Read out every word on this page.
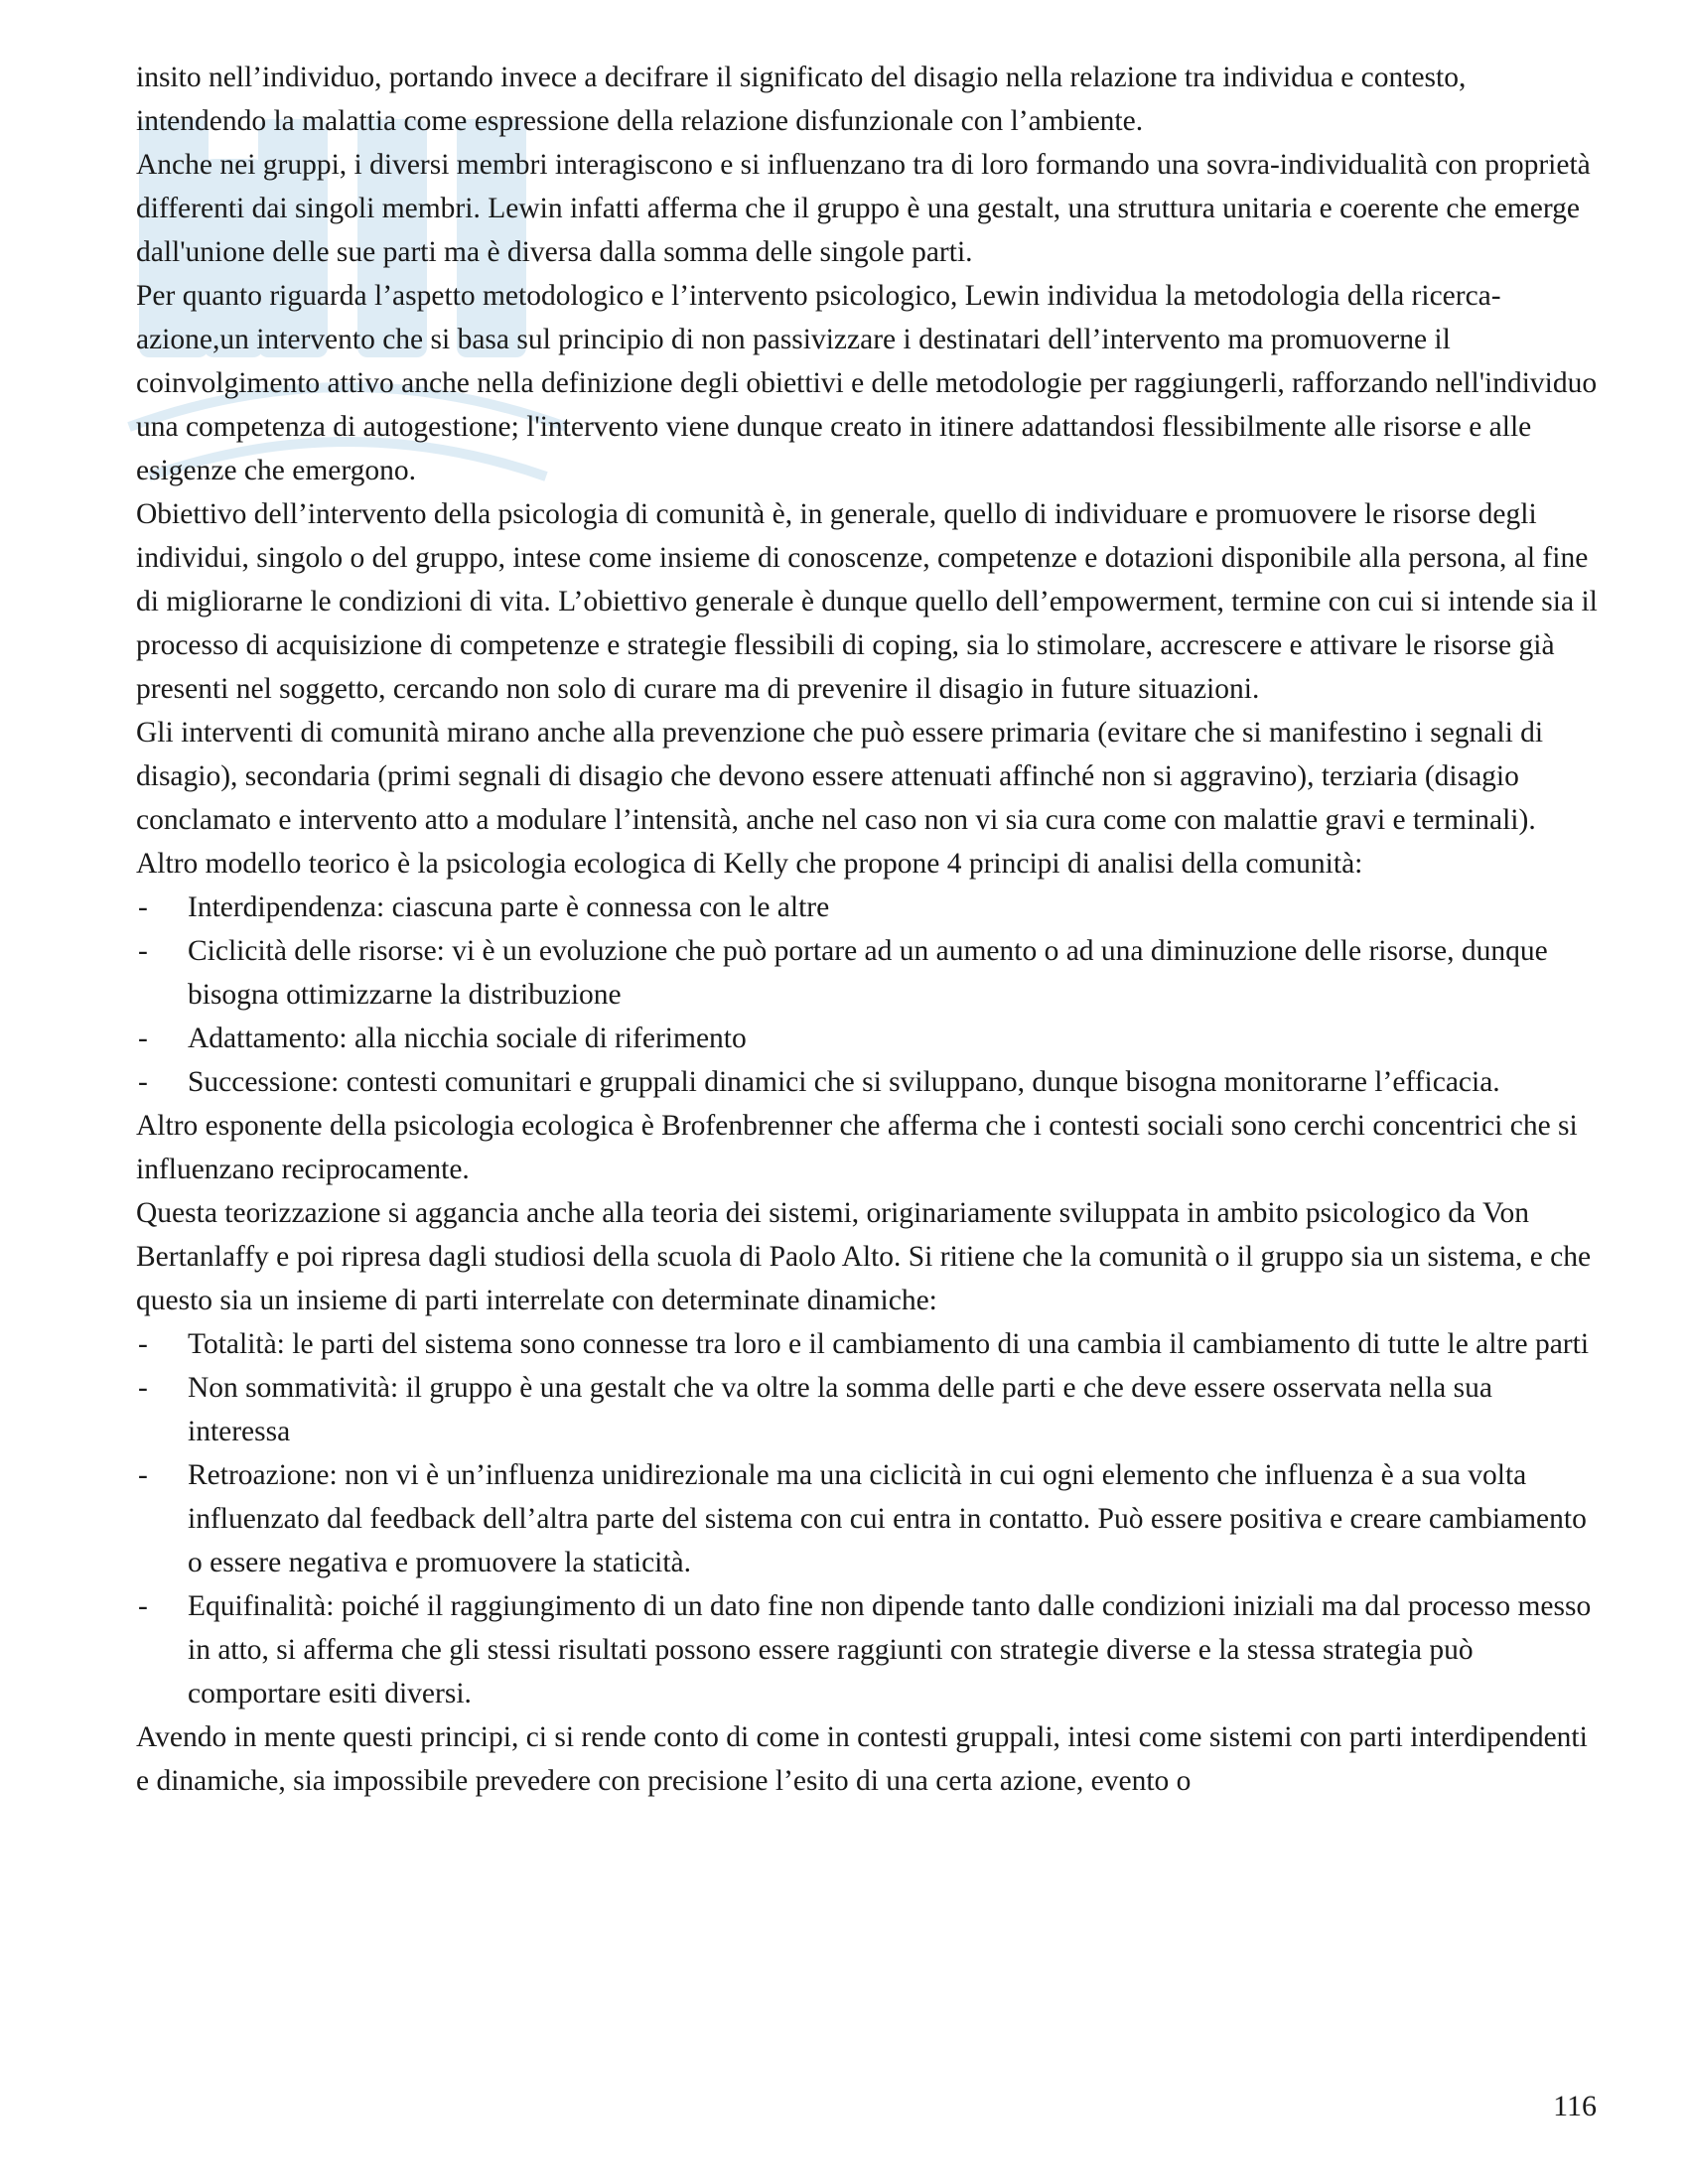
insito nell’individuo, portando invece a decifrare il significato del disagio nella relazione tra individua e contesto, intendendo la malattia come espressione della relazione disfunzionale con l’ambiente.

Anche nei gruppi, i diversi membri interagiscono e si influenzano tra di loro formando una sovra-individualità con proprietà differenti dai singoli membri. Lewin infatti afferma che il gruppo è una gestalt, una struttura unitaria e coerente che emerge dall'unione delle sue parti ma è diversa dalla somma delle singole parti.

Per quanto riguarda l’aspetto metodologico e l’intervento psicologico, Lewin individua la metodologia della ricerca-azione,un intervento che si basa sul principio di non passivizzare i destinatari dell’intervento ma promuoverne il coinvolgimento attivo anche nella definizione degli obiettivi e delle metodologie per raggiungerli, rafforzando nell'individuo una competenza di autogestione; l'intervento viene dunque creato in itinere adattandosi flessibilmente alle risorse e alle esigenze che emergono.

Obiettivo dell’intervento della psicologia di comunità è, in generale, quello di individuare e promuovere le risorse degli individui, singolo o del gruppo, intese come insieme di conoscenze, competenze e dotazioni disponibile alla persona, al fine di migliorarne le condizioni di vita. L’obiettivo generale è dunque quello dell’empowerment, termine con cui si intende sia il processo di acquisizione di competenze e strategie flessibili di coping, sia lo stimolare, accrescere e attivare le risorse già presenti nel soggetto, cercando non solo di curare ma di prevenire il disagio in future situazioni.

Gli interventi di comunità mirano anche alla prevenzione che può essere primaria (evitare che si manifestino i segnali di disagio), secondaria (primi segnali di disagio che devono essere attenuati affinché non si aggravino), terziaria (disagio conclamato e intervento atto a modulare l’intensità, anche nel caso non vi sia cura come con malattie gravi e terminali).

Altro modello teorico è la psicologia ecologica di Kelly che propone 4 principi di analisi della comunità:

- Interdipendenza: ciascuna parte è connessa con le altre
- Ciclicità delle risorse: vi è un evoluzione che può portare ad un aumento o ad una diminuzione delle risorse, dunque bisogna ottimizzarne la distribuzione
- Adattamento: alla nicchia sociale di riferimento
- Successione: contesti comunitari e gruppali dinamici che si sviluppano, dunque bisogna monitorarne l’efficacia.

Altro esponente della psicologia ecologica è Brofenbrenner che afferma che i contesti sociali sono cerchi concentrici che si influenzano reciprocamente.

Questa teorizzazione si aggancia anche alla teoria dei sistemi, originariamente sviluppata in ambito psicologico da Von Bertanlaffy e poi ripresa dagli studiosi della scuola di Paolo Alto. Si ritiene che la comunità o il gruppo sia un sistema, e che questo sia un insieme di parti interrelate con determinate dinamiche:

- Totalità: le parti del sistema sono connesse tra loro e il cambiamento di una cambia il cambiamento di tutte le altre parti
- Non sommatività: il gruppo è una gestalt che va oltre la somma delle parti e che deve essere osservata nella sua interessa
- Retroazione: non vi è un’influenza unidirezionale ma una ciclicità in cui ogni elemento che influenza è a sua volta influenzato dal feedback dell’altra parte del sistema con cui entra in contatto. Può essere positiva e creare cambiamento o essere negativa e promuovere la staticità.
- Equifinalità: poiché il raggiungimento di un dato fine non dipende tanto dalle condizioni iniziali ma dal processo messo in atto, si afferma che gli stessi risultati possono essere raggiunti con strategie diverse e la stessa strategia può comportare esiti diversi.

Avendo in mente questi principi, ci si rende conto di come in contesti gruppali, intesi come sistemi con parti interdipendenti e dinamiche, sia impossibile prevedere con precisione l’esito di una certa azione, evento o

116
